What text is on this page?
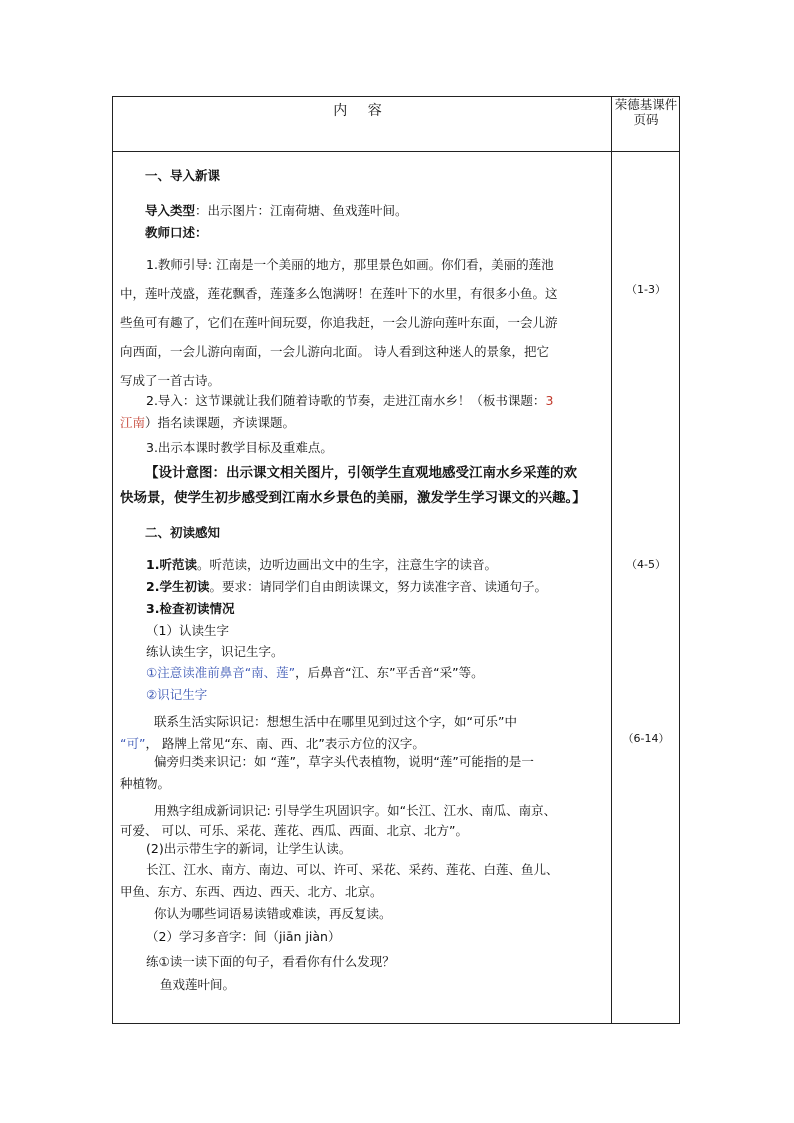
内 容	荣德基课件页码
一、导入新课
导入类型：出示图片：江南荷塘、鱼戏莲叶间。
教师口述：
1.教师引导: 江南是一个美丽的地方，那里景色如画。你们看，美丽的莲池
中，莲叶茂盛，莲花飘香，莲蓬多么饱满呀！在莲叶下的水里，有很多小鱼。这
些鱼可有趣了，它们在莲叶间玩耍，你追我赶，一会儿游向莲叶东面，一会儿游
向西面，一会儿游向南面，一会儿游向北面。 诗人看到这种迷人的景象，把它
写成了一首古诗。
2.导入：这节课就让我们随着诗歌的节奏，走进江南水乡！（板书课题：3
江南）指名读课题，齐读课题。
3.出示本课时教学目标及重难点。
【设计意图：出示课文相关图片，引领学生直观地感受江南水乡采莲的欢
快场景，使学生初步感受到江南水乡景色的美丽，激发学生学习课文的兴趣。】
二、初读感知
1.听范读。听范读，边听边画出文中的生字，注意生字的读音。
2.学生初读。要求：请同学们自由朗读课文，努力读准字音、读通句子。
3.检查初读情况
（1）认读生字
练认读生字，识记生字。
①注意读准前鼻音“南、莲”，后鼻音“江、东”平舌音“采”等。
②识记生字
联系生活实际识记：想想生活中在哪里见到过这个字，如“可乐”中
“可”， 路牌上常见“东、南、西、北”表示方位的汉字。
偏旁归类来识记：如 “莲”，草字头代表植物，说明“莲”可能指的是一
种植物。
用熟字组成新词识记: 引导学生巩固识字。如“长江、江水、南瓜、南京、
可爱、 可以、可乐、采花、莲花、西瓜、西面、北京、北方”。
(2)出示带生字的新词，让学生认读。
长江、江水、南方、南边、可以、许可、采花、采药、莲花、白莲、鱼儿、
甲鱼、东方、东西、西边、西天、北方、北京。
你认为哪些词语易读错或难读，再反复读。
（2）学习多音字：间（jiān jiàn）
练①读一读下面的句子，看看你有什么发现？
鱼戏莲叶间。
（1-3）
（4-5）
（6-14）
